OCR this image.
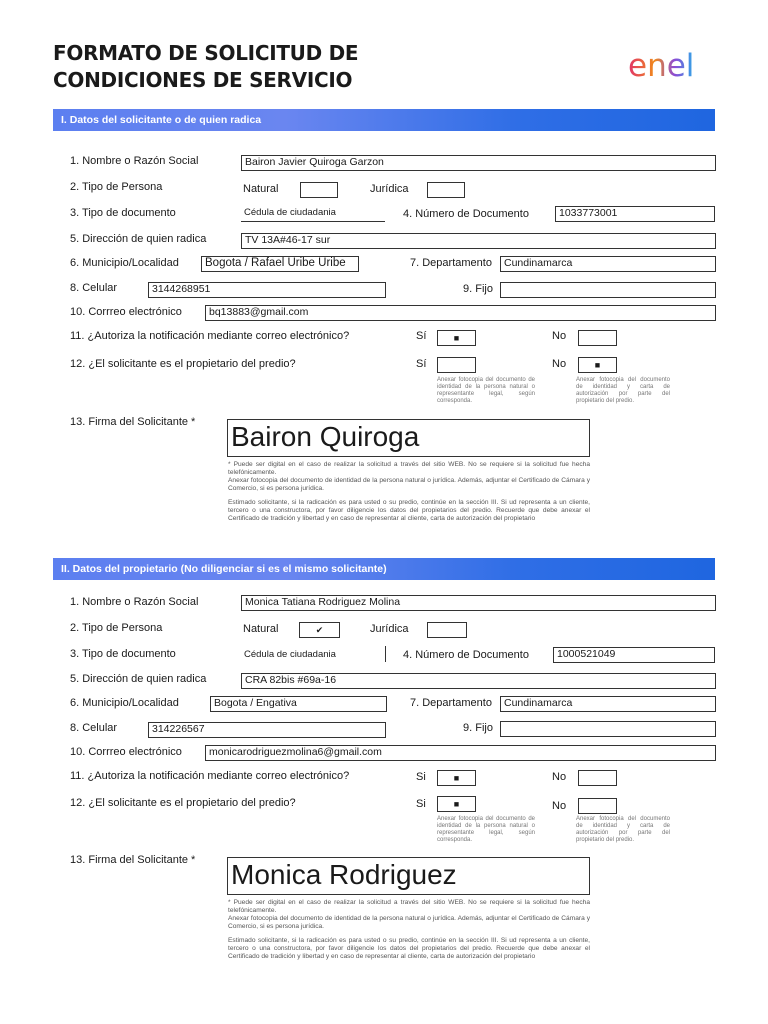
FORMATO DE SOLICITUD DE
CONDICIONES DE SERVICIO	enel
I. Datos del solicitante o de quien radica
1. Nombre o Razón Social	Bairon Javier Quiroga Garzon
2. Tipo de Persona	Natural	Jurídica
3. Tipo de documento	Cédula de ciudadania	4. Número de Documento	1033773001
5. Dirección de quien radica	TV 13A#46-17 sur
6. Municipio/Localidad	Bogota / Rafael Uribe Uribe	7. Departamento	Cundinamarca
8. Celular	3144268951	9. Fijo
10. Corrreo electrónico	bq13883@gmail.com
11. ¿Autoriza la notificación mediante correo electrónico?	Sí	■	No
12. ¿El solicitante es el propietario del predio?	Sí	No	■
Anexar fotocopia del documento de identidad de la persona natural o representante legal, según corresponda.
Anexar fotocopia del documento de identidad y carta de autorización por parte del propietario del predio.
13. Firma del Solicitante * Bairon Quiroga
* Puede ser digital en el caso de realizar la solicitud a través del sitio WEB. No se requiere si la solicitud fue hecha telefónicamente.
Anexar fotocopia del documento de identidad de la persona natural o jurídica. Además, adjuntar el Certificado de Cámara y Comercio, si es persona jurídica.
Estimado solicitante, si la radicación es para usted o su predio, continúe en la sección III. Si ud representa a un cliente, tercero o una constructora, por favor diligencie los datos del propietarios del predio. Recuerde que debe anexar el Certificado de tradición y libertad y en caso de representar al cliente, carta de autorización del propietario
II. Datos del propietario (No diligenciar si es el mismo solicitante)
1. Nombre o Razón Social	Monica Tatiana Rodriguez Molina
2. Tipo de Persona	Natural	✔	Jurídica
3. Tipo de documento	Cédula de ciudadania	4. Número de Documento	1000521049
5. Dirección de quien radica	CRA 82bis #69a-16
6. Municipio/Localidad	Bogota / Engativa	7. Departamento	Cundinamarca
8. Celular	314226567	9. Fijo
10. Corrreo electrónico	monicarodriguezmolina6@gmail.com
11. ¿Autoriza la notificación mediante correo electrónico?	Si	■	No
12. ¿El solicitante es el propietario del predio?	Si	■	No
Anexar fotocopia del documento de identidad de la persona natural o representante legal, según corresponda.
Anexar fotocopia del documento de identidad y carta de autorización por parte del propietario del predio.
13. Firma del Solicitante * Monica Rodriguez
* Puede ser digital en el caso de realizar la solicitud a través del sitio WEB. No se requiere si la solicitud fue hecha telefónicamente.
Anexar fotocopia del documento de identidad de la persona natural o jurídica. Además, adjuntar el Certificado de Cámara y Comercio, si es persona jurídica.
Estimado solicitante, si la radicación es para usted o su predio, continúe en la sección III. Si ud representa a un cliente, tercero o una constructora, por favor diligencie los datos del propietarios del predio. Recuerde que debe anexar el Certificado de tradición y libertad y en caso de representar al cliente, carta de autorización del propietario
